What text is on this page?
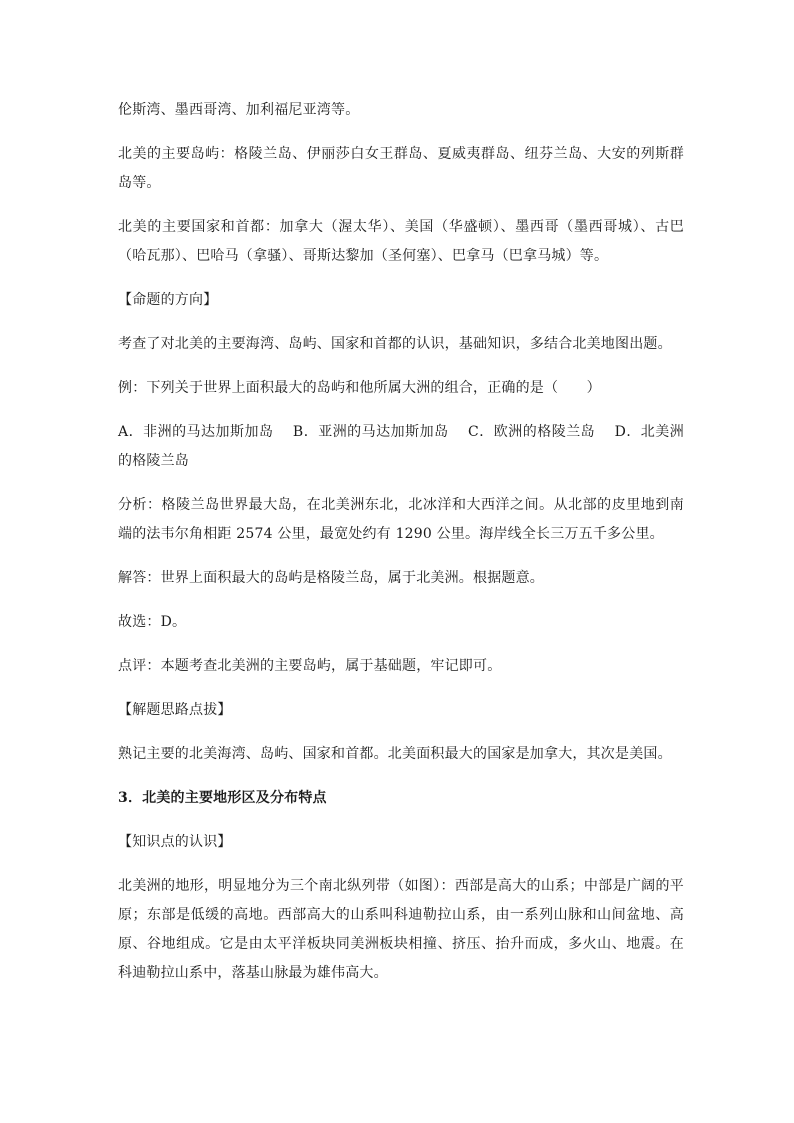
伦斯湾、墨西哥湾、加利福尼亚湾等。

北美的主要岛屿：格陵兰岛、伊丽莎白女王群岛、夏威夷群岛、纽芬兰岛、大安的列斯群岛等。

北美的主要国家和首都：加拿大（渥太华）、美国（华盛顿）、墨西哥（墨西哥城）、古巴（哈瓦那）、巴哈马（拿骚）、哥斯达黎加（圣何塞）、巴拿马（巴拿马城）等。

【命题的方向】

考查了对北美的主要海湾、岛屿、国家和首都的认识，基础知识，多结合北美地图出题。

例：下列关于世界上面积最大的岛屿和他所属大洲的组合，正确的是（　　）

A．非洲的马达加斯加岛　 B．亚洲的马达加斯加岛　 C．欧洲的格陵兰岛　 D．北美洲的格陵兰岛

分析：格陵兰岛世界最大岛，在北美洲东北，北冰洋和大西洋之间。从北部的皮里地到南端的法韦尔角相距 2574 公里，最宽处约有 1290 公里。海岸线全长三万五千多公里。

解答：世界上面积最大的岛屿是格陵兰岛，属于北美洲。根据题意。

故选：D。

点评：本题考查北美洲的主要岛屿，属于基础题，牢记即可。

【解题思路点拔】

熟记主要的北美海湾、岛屿、国家和首都。北美面积最大的国家是加拿大，其次是美国。

3．北美的主要地形区及分布特点

【知识点的认识】

北美洲的地形，明显地分为三个南北纵列带（如图）：西部是高大的山系；中部是广阔的平原；东部是低缓的高地。西部高大的山系叫科迪勒拉山系，由一系列山脉和山间盆地、高原、谷地组成。它是由太平洋板块同美洲板块相撞、挤压、抬升而成，多火山、地震。在科迪勒拉山系中，落基山脉最为雄伟高大。
